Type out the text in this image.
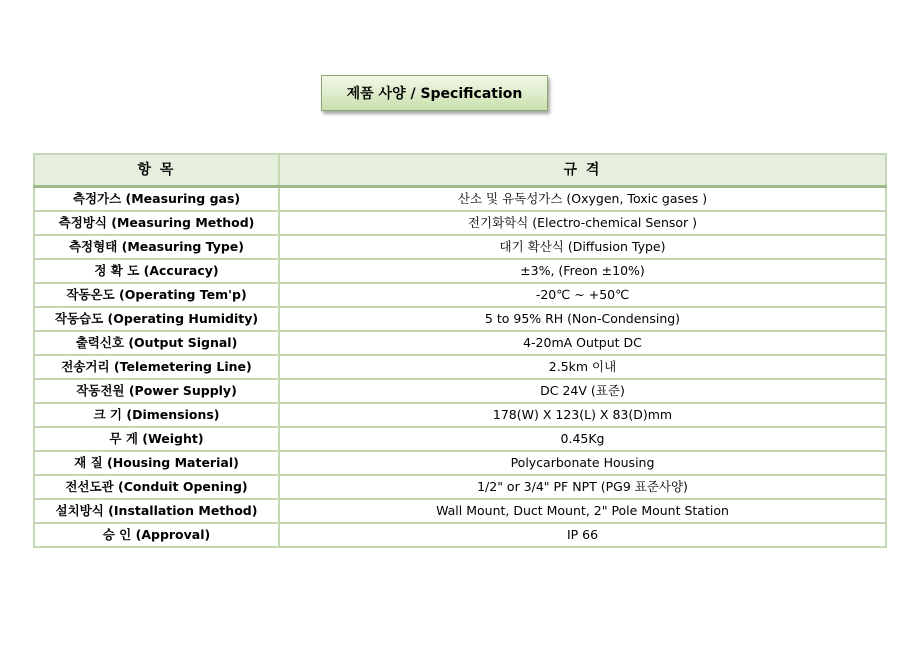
제품 사양 / Specification
항 목	규 격
측정가스 (Measuring gas)	산소 및 유독성가스 (Oxygen, Toxic gases )
측정방식 (Measuring Method)	전기화학식 (Electro-chemical Sensor )
측정형태 (Measuring Type)	대기 확산식 (Diffusion Type)
정 확 도 (Accuracy)	±3%, (Freon ±10%)
작동온도 (Operating Tem'p)	-20℃ ~ +50℃
작동습도 (Operating Humidity)	5 to 95% RH (Non-Condensing)
출력신호 (Output Signal)	4-20mA Output DC
전송거리 (Telemetering Line)	2.5km 이내
작동전원 (Power Supply)	DC 24V (표준)
크 기 (Dimensions)	178(W) X 123(L) X 83(D)mm
무 게 (Weight)	0.45Kg
재 질 (Housing Material)	Polycarbonate Housing
전선도관 (Conduit Opening)	1/2" or 3/4" PF NPT (PG9 표준사양)
설치방식 (Installation Method)	Wall Mount, Duct Mount, 2" Pole Mount Station
승 인 (Approval)	IP 66
